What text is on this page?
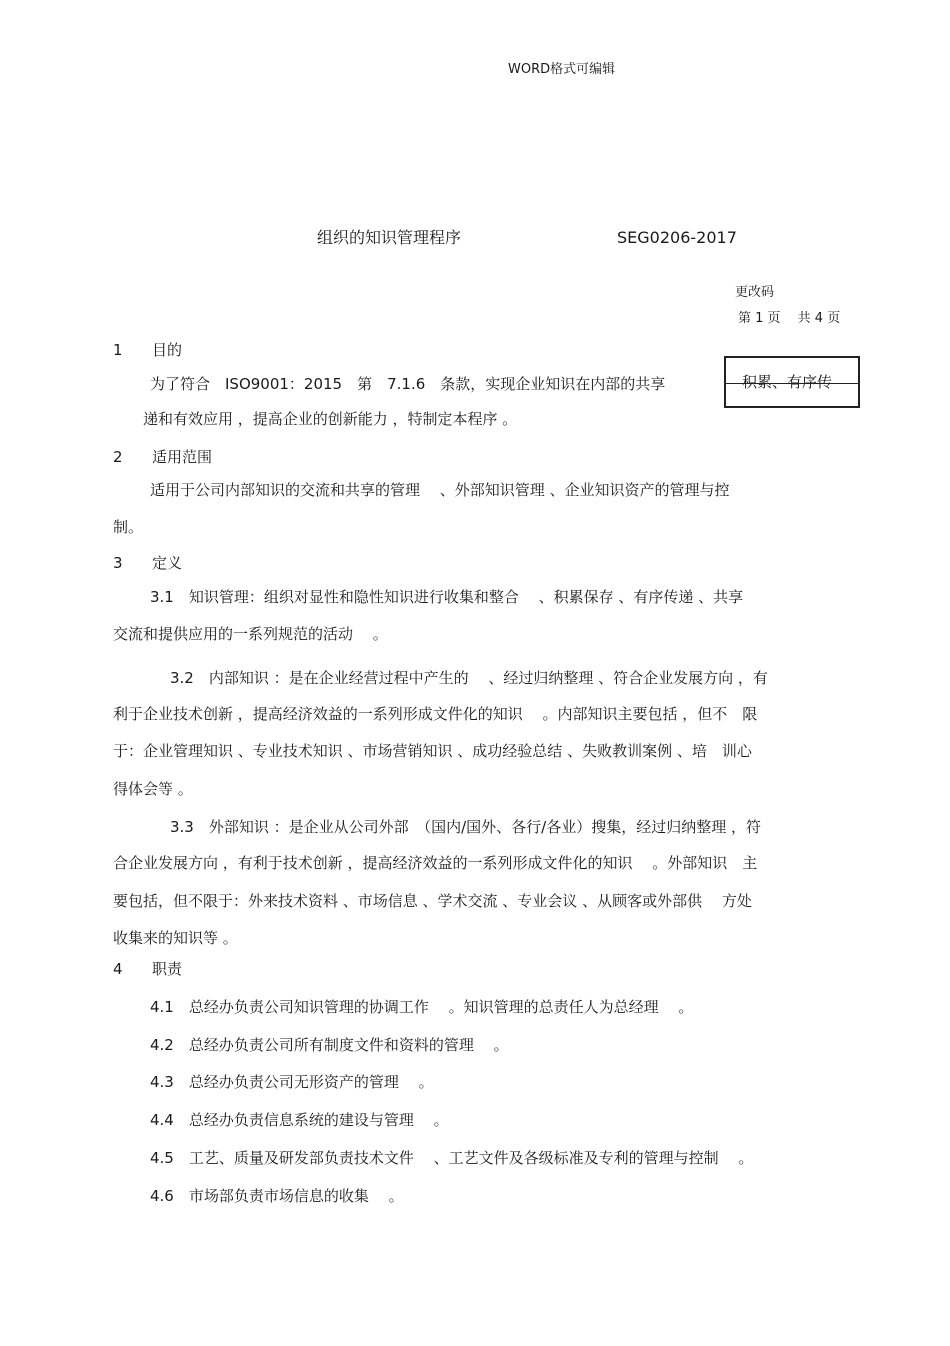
WORD格式可编辑
组织的知识管理程序	SEG0206-2017
更改码
第 1 页　 共 4 页
1 目的
为了符合　ISO9001：2015　第　7.1.6　条款，实现企业知识在内部的共享	积累、有序传
递和有效应用 ，提高企业的创新能力 ，特制定本程序 。
2 适用范围
适用于公司内部知识的交流和共享的管理　 、外部知识管理 、企业知识资产的管理与控
制。
3 定义
3.1　知识管理：组织对显性和隐性知识进行收集和整合　 、积累保存 、有序传递 、共享
交流和提供应用的一系列规范的活动　 。
3.2　内部知识 ：是在企业经营过程中产生的　 、经过归纳整理 、符合企业发展方向 ，有
利于企业技术创新 ，提高经济效益的一系列形成文件化的知识　 。内部知识主要包括 ，但不　限
于：企业管理知识 、专业技术知识 、市场营销知识 、成功经验总结 、失败教训案例 、培　训心
得体会等 。
3.3　外部知识 ：是企业从公司外部　（国内/国外、各行/各业）搜集，经过归纳整理 ，符
合企业发展方向 ，有利于技术创新 ，提高经济效益的一系列形成文件化的知识　 。外部知识　主
要包括，但不限于：外来技术资料 、市场信息 、学术交流 、专业会议 、从顾客或外部供　 方处
收集来的知识等 。
4 职责
4.1　总经办负责公司知识管理的协调工作　 。知识管理的总责任人为总经理　 。
4.2　总经办负责公司所有制度文件和资料的管理　 。
4.3　总经办负责公司无形资产的管理　 。
4.4　总经办负责信息系统的建设与管理　 。
4.5　工艺、质量及研发部负责技术文件　 、工艺文件及各级标准及专利的管理与控制　 。
4.6　市场部负责市场信息的收集　 。
